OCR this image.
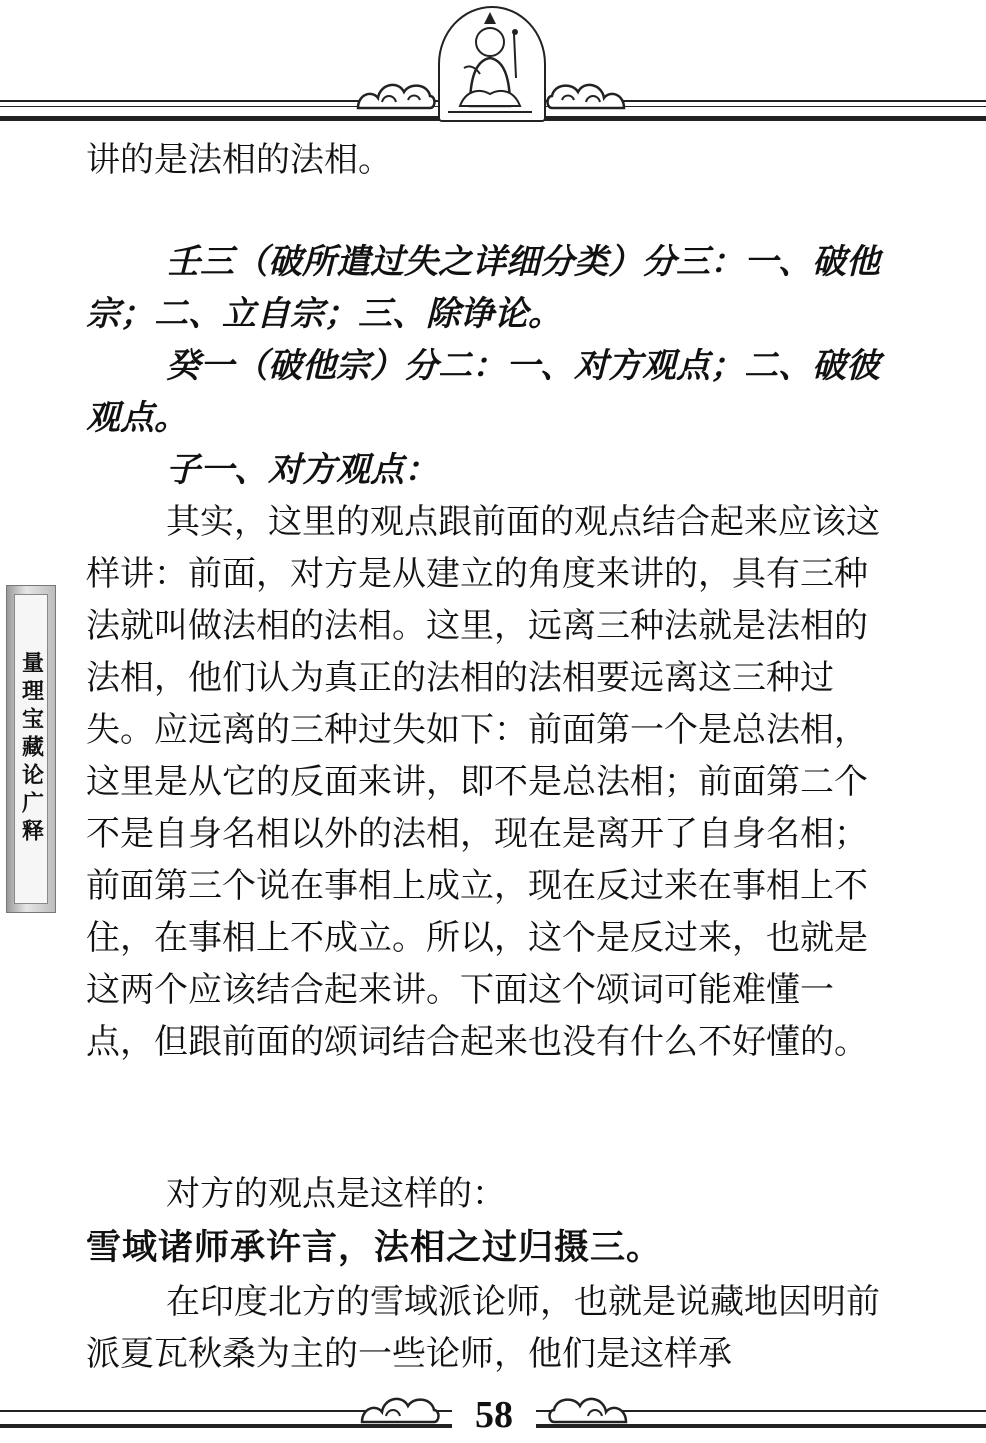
量理宝藏论广释

讲的是法相的法相。

壬三（破所遣过失之详细分类）分三：一、破他宗；二、立自宗；三、除诤论。

癸一（破他宗）分二：一、对方观点；二、破彼观点。

子一、对方观点：

其实，这里的观点跟前面的观点结合起来应该这样讲：前面，对方是从建立的角度来讲的，具有三种法就叫做法相的法相。这里，远离三种法就是法相的法相，他们认为真正的法相的法相要远离这三种过失。应远离的三种过失如下：前面第一个是总法相，这里是从它的反面来讲，即不是总法相；前面第二个不是自身名相以外的法相，现在是离开了自身名相；前面第三个说在事相上成立，现在反过来在事相上不住，在事相上不成立。所以，这个是反过来，也就是这两个应该结合起来讲。下面这个颂词可能难懂一点，但跟前面的颂词结合起来也没有什么不好懂的。

对方的观点是这样的：

雪域诸师承许言，法相之过归摄三。

在印度北方的雪域派论师，也就是说藏地因明前派夏瓦秋桑为主的一些论师，他们是这样承

58
